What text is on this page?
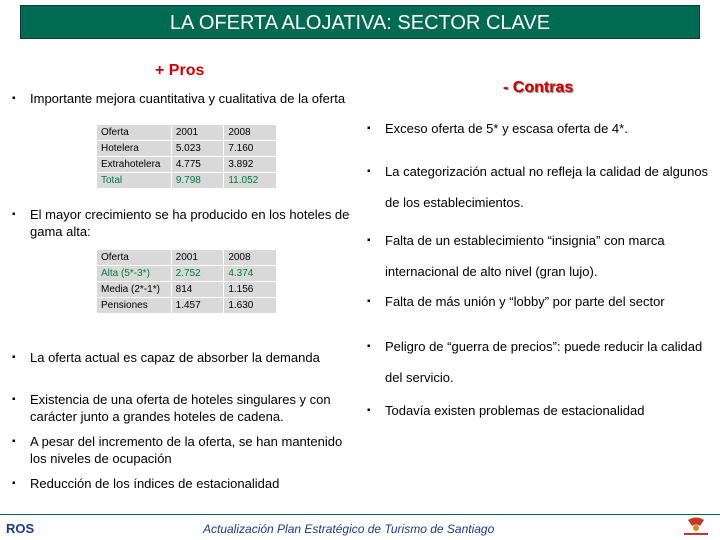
LA OFERTA ALOJATIVA: SECTOR CLAVE
+ Pros
▪	Importante mejora cuantitativa y cualitativa de la oferta
Oferta	2001	2008
Hotelera	5.023	7.160
Extrahotelera	4.775	3.892
Total	9.798	11.052
▪	El mayor crecimiento se ha producido en los hoteles de gama alta:
Oferta	2001	2008
Alta (5*-3*)	2.752	4.374
Media (2*-1*)	814	1.156
Pensiones	1.457	1.630
▪	La oferta actual es capaz de absorber la demanda
▪	Existencia de una oferta de hoteles singulares y con carácter junto a grandes hoteles de cadena.
▪	A pesar del incremento de la oferta, se han mantenido los niveles de ocupación
▪	Reducción de los índices de estacionalidad
- Contras
▪	Exceso oferta de 5* y escasa oferta de 4*.
▪	La categorización actual no refleja la calidad de algunos de los establecimientos.
▪	Falta de un establecimiento “insignia” con marca internacional de alto nivel (gran lujo).
▪	Falta de más unión y “lobby” por parte del sector
▪	Peligro de “guerra de precios”: puede reducir la calidad del servicio.
▪	Todavía existen problemas de estacionalidad
ROS	Actualización Plan Estratégico de Turismo de Santiago
